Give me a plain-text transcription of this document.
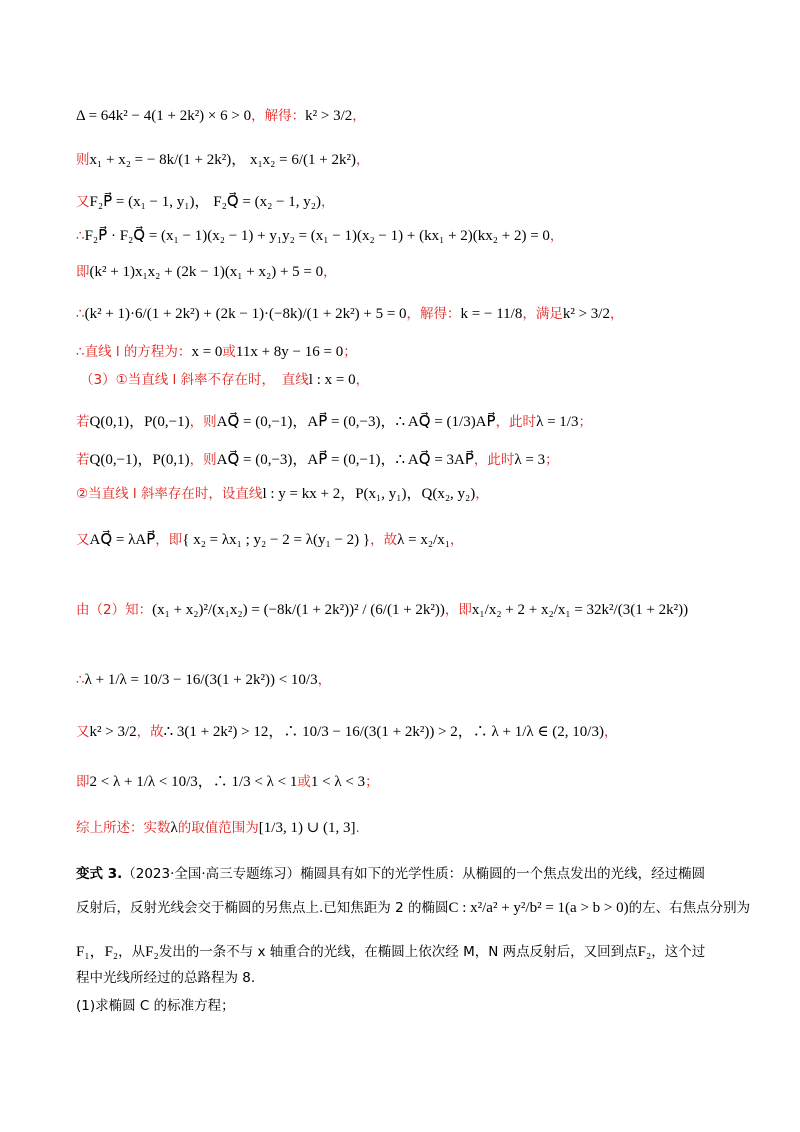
Δ = 64k² − 4(1 + 2k²) × 6 > 0，解得：k² > 3/2，
则x₁ + x₂ = − 8k/(1 + 2k²)， x₁x₂ = 6/(1 + 2k²)，
又F₂P⃗ = (x₁ − 1, y₁)， F₂Q⃗ = (x₂ − 1, y₂)，
∴F₂P⃗ · F₂Q⃗ = (x₁ − 1)(x₂ − 1) + y₁y₂ = (x₁ − 1)(x₂ − 1) + (kx₁ + 2)(kx₂ + 2) = 0，
即(k² + 1)x₁x₂ + (2k − 1)(x₁ + x₂) + 5 = 0，
∴(k² + 1)·6/(1 + 2k²) + (2k − 1)·(−8k)/(1 + 2k²) + 5 = 0，解得：k = − 11/8，满足k² > 3/2，
∴直线 l 的方程为：x = 0或11x + 8y − 16 = 0；
（3）①当直线 l 斜率不存在时，　直线l : x = 0，
若Q(0,1)，P(0,−1)，则AQ⃗ = (0,−1)，AP⃗ = (0,−3)，∴ AQ⃗ = (1/3)AP⃗，此时λ = 1/3；
若Q(0,−1)，P(0,1)，则AQ⃗ = (0,−3)，AP⃗ = (0,−1)，∴ AQ⃗ = 3AP⃗，此时λ = 3；
②当直线 l 斜率存在时，设直线l : y = kx + 2，P(x₁, y₁)，Q(x₂, y₂)，
又AQ⃗ = λAP⃗，即{ x₂ = λx₁ ; y₂ − 2 = λ(y₁ − 2) }，故λ = x₂/x₁，
由（2）知：(x₁ + x₂)²/(x₁x₂) = (−8k/(1 + 2k²))² / (6/(1 + 2k²))，即x₁/x₂ + 2 + x₂/x₁ = 32k²/(3(1 + 2k²))
∴λ + 1/λ = 10/3 − 16/(3(1 + 2k²)) < 10/3，
又k² > 3/2，故∴ 3(1 + 2k²) > 12，∴ 10/3 − 16/(3(1 + 2k²)) > 2，∴ λ + 1/λ ∈ (2, 10/3)，
即2 < λ + 1/λ < 10/3，∴ 1/3 < λ < 1或1 < λ < 3；
综上所述：实数λ的取值范围为[1/3, 1) ∪ (1, 3].
变式 3.（2023·全国·高三专题练习）椭圆具有如下的光学性质：从椭圆的一个焦点发出的光线，经过椭圆
反射后，反射光线会交于椭圆的另焦点上.已知焦距为 2 的椭圆C : x²/a² + y²/b² = 1(a > b > 0)的左、右焦点分别为
F₁，F₂，从F₂发出的一条不与 x 轴重合的光线，在椭圆上依次经 M，N 两点反射后，又回到点F₂，这个过
程中光线所经过的总路程为 8.
(1)求椭圆 C 的标准方程；
